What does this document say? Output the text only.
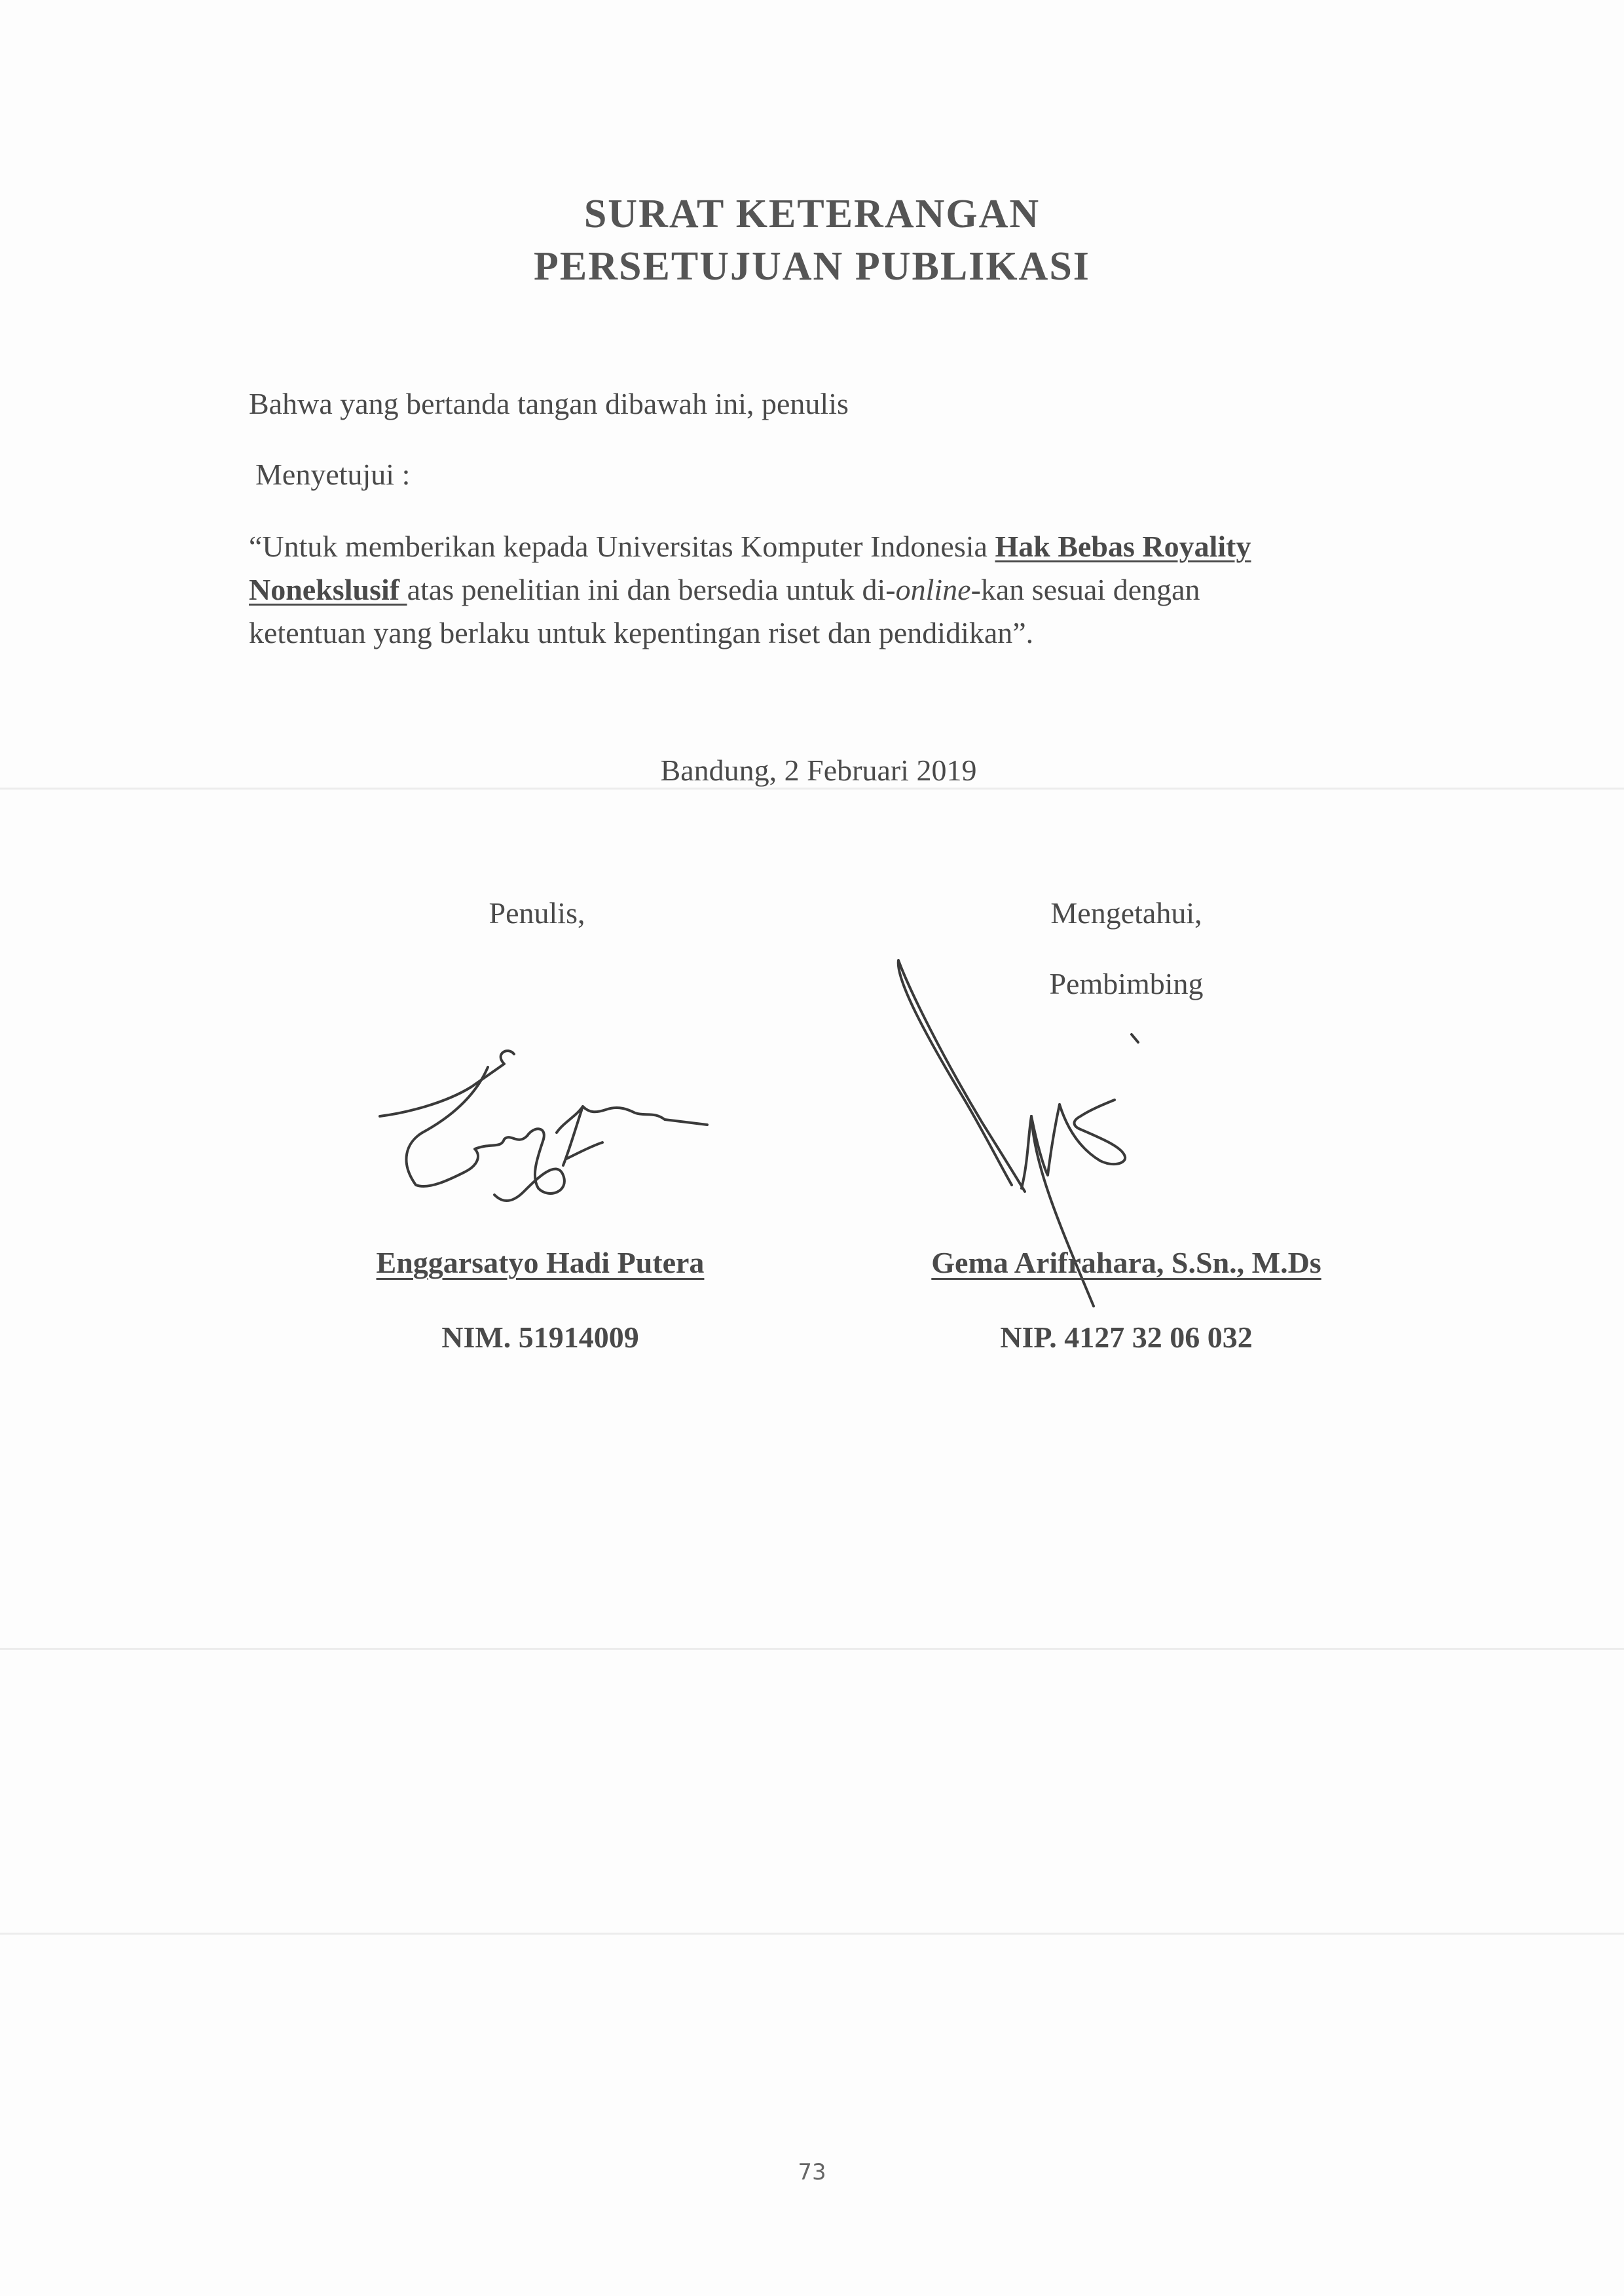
SURAT KETERANGAN
PERSETUJUAN PUBLIKASI
Bahwa yang bertanda tangan dibawah ini, penulis
Menyetujui :
“Untuk memberikan kepada Universitas Komputer Indonesia Hak Bebas Royality
Nonekslusif atas penelitian ini dan bersedia untuk di-online-kan sesuai dengan
ketentuan yang berlaku untuk kepentingan riset dan pendidikan”.
Bandung, 2 Februari 2019
Penulis,	Mengetahui,
Pembimbing
Enggarsatyo Hadi Putera
NIM. 51914009
Gema Arifrahara, S.Sn., M.Ds
NIP. 4127 32 06 032
73
